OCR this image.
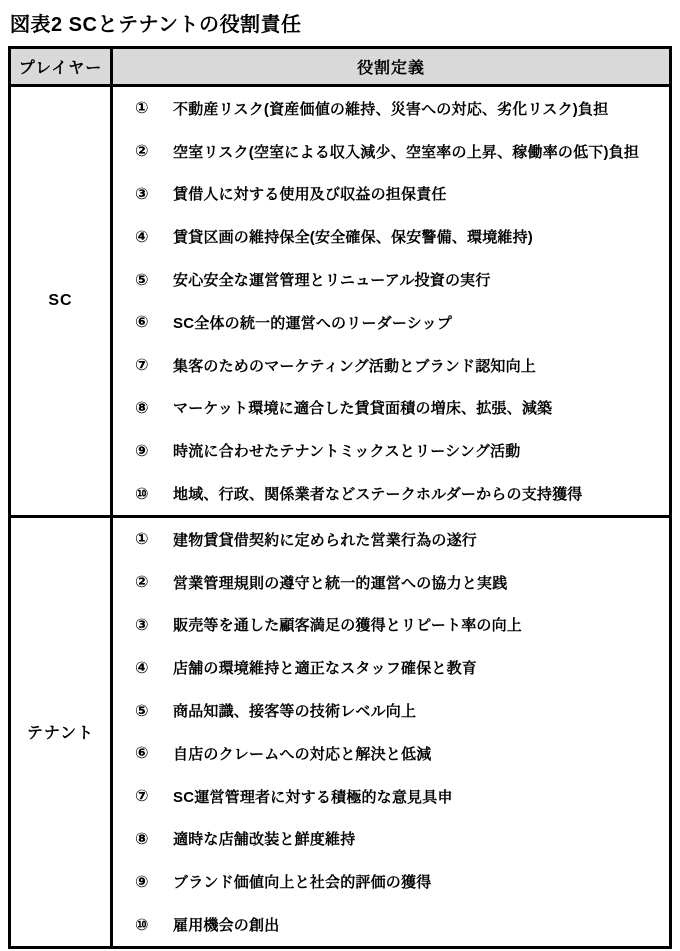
図表2 SCとテナントの役割責任
プレイヤー	役割定義
SC	
①	不動産リスク(資産価値の維持、災害への対応、劣化リスク)負担
②	空室リスク(空室による収入減少、空室率の上昇、稼働率の低下)負担
③	賃借人に対する使用及び収益の担保責任
④	賃貸区画の維持保全(安全確保、保安警備、環境維持)
⑤	安心安全な運営管理とリニューアル投資の実行
⑥	SC全体の統一的運営へのリーダーシップ
⑦	集客のためのマーケティング活動とブランド認知向上
⑧	マーケット環境に適合した賃貸面積の増床、拡張、減築
⑨	時流に合わせたテナントミックスとリーシング活動
⑩	地域、行政、関係業者などステークホルダーからの支持獲得

テナント	
①	建物賃貸借契約に定められた営業行為の遂行
②	営業管理規則の遵守と統一的運営への協力と実践
③	販売等を通した顧客満足の獲得とリピート率の向上
④	店舗の環境維持と適正なスタッフ確保と教育
⑤	商品知識、接客等の技術レベル向上
⑥	自店のクレームへの対応と解決と低減
⑦	SC運営管理者に対する積極的な意見具申
⑧	適時な店舗改装と鮮度維持
⑨	ブランド価値向上と社会的評価の獲得
⑩	雇用機会の創出
